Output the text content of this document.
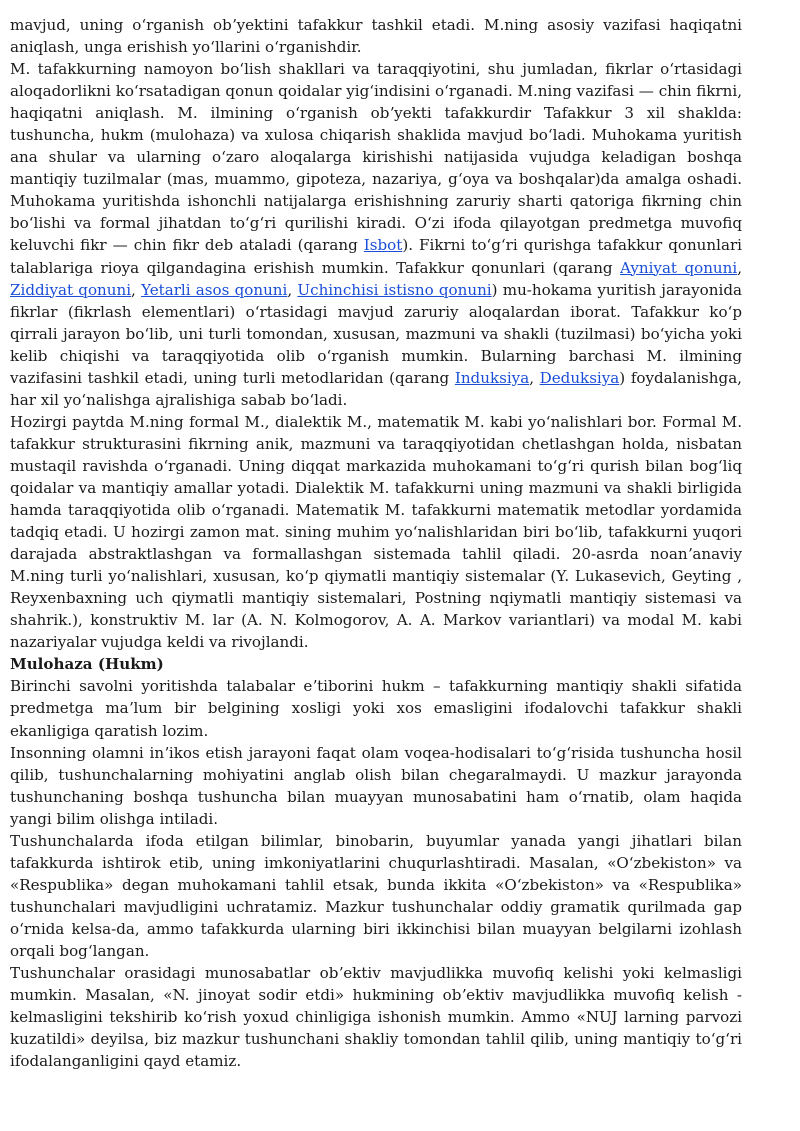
mavjud, uning oʻrganish obʼyektini tafakkur tashkil etadi. M.ning asosiy vazifasi haqiqatni aniqlash, unga erishish yoʻllarini oʻrganishdir.

M. tafakkurning namoyon boʻlish shakllari va taraqqiyotini, shu jumladan, fikrlar oʻrtasidagi aloqadorlikni koʻrsatadigan qonun qoidalar yigʻindisini oʻrganadi. M.ning vazifasi — chin fikrni, haqiqatni aniqlash. M. ilmining oʻrganish obʼyekti tafakkurdir Tafakkur 3 xil shaklda: tushuncha, hukm (mulohaza) va xulosa chiqarish shaklida mavjud boʻladi. Muhokama yuritish ana shular va ularning oʻzaro aloqalarga kirishishi natijasida vujudga keladigan boshqa mantiqiy tuzilmalar (mas, muammo, gipoteza, nazariya, gʻoya va boshqalar)da amalga oshadi. Muhokama yuritishda ishonchli natijalarga erishishning zaruriy sharti qatoriga fikrning chin boʻlishi va formal jihatdan toʻgʻri qurilishi kiradi. Oʻzi ifoda qilayotgan predmetga muvofiq keluvchi fikr — chin fikr deb ataladi (qarang Isbot). Fikrni toʻgʻri qurishga tafakkur qonunlari talablariga rioya qilgandagina erishish mumkin. Tafakkur qonunlari (qarang Ayniyat qonuni, Ziddiyat qonuni, Yetarli asos qonuni, Uchinchisi istisno qonuni) mu-hokama yuritish jarayonida fikrlar (fikrlash elementlari) oʻrtasidagi mavjud zaruriy aloqalardan iborat. Tafakkur koʻp qirrali jarayon boʻlib, uni turli tomondan, xususan, mazmuni va shakli (tuzilmasi) boʻyicha yoki kelib chiqishi va taraqqiyotida olib oʻrganish mumkin. Bularning barchasi M. ilmining vazifasini tashkil etadi, uning turli metodlaridan (qarang Induksiya, Deduksiya) foydalanishga, har xil yoʻnalishga ajralishiga sabab boʻladi.

Hozirgi paytda M.ning formal M., dialektik M., matematik M. kabi yoʻnalishlari bor. Formal M. tafakkur strukturasini fikrning anik, mazmuni va taraqqiyotidan chetlashgan holda, nisbatan mustaqil ravishda oʻrganadi. Uning diqqat markazida muhokamani toʻgʻri qurish bilan bogʻliq qoidalar va mantiqiy amallar yotadi. Dialektik M. tafakkurni uning mazmuni va shakli birligida hamda taraqqiyotida olib oʻrganadi. Matematik M. tafakkurni matematik metodlar yordamida tadqiq etadi. U hozirgi zamon mat. sining muhim yoʻnalishlaridan biri boʻlib, tafakkurni yuqori darajada abstraktlashgan va formallashgan sistemada tahlil qiladi. 20-asrda noanʼanaviy M.ning turli yoʻnalishlari, xususan, koʻp qiymatli mantiqiy sistemalar (Y. Lukasevich, Geyting , Reyxenbaxning uch qiymatli mantiqiy sistemalari, Postning nqiymatli mantiqiy sistemasi va shahrik.), konstruktiv M. lar (A. N. Kolmogorov, A. A. Markov variantlari) va modal M. kabi nazariyalar vujudga keldi va rivojlandi.

Mulohaza (Hukm)

Birinchi savolni yoritishda talabalar eʼtiborini hukm – tafakkurning mantiqiy shakli sifatida predmetga maʼlum bir belgining xosligi yoki xos emasligini ifodalovchi tafakkur shakli ekanligiga qaratish lozim.

Insonning olamni inʼikos etish jarayoni faqat olam voqea-hodisalari toʻgʻrisida tushuncha hosil qilib, tushunchalarning mohiyatini anglab olish bilan chegaralmaydi. U mazkur jarayonda tushunchaning boshqa tushuncha bilan muayyan munosabatini ham oʻrnatib, olam haqida yangi bilim olishga intiladi.

Tushunchalarda ifoda etilgan bilimlar, binobarin, buyumlar yanada yangi jihatlari bilan tafakkurda ishtirok etib, uning imkoniyatlarini chuqurlashtiradi. Masalan, «Oʻzbekiston» va «Respublika» degan muhokamani tahlil etsak, bunda ikkita «Oʻzbekiston» va «Respublika» tushunchalari mavjudligini uchratamiz. Mazkur tushunchalar oddiy gramatik qurilmada gap oʻrnida kelsa-da, ammo tafakkurda ularning biri ikkinchisi bilan muayyan belgilarni izohlash orqali bogʻlangan.

Tushunchalar orasidagi munosabatlar obʼektiv mavjudlikka muvofiq kelishi yoki kelmasligi mumkin. Masalan, «N. jinoyat sodir etdi» hukmining obʼektiv mavjudlikka muvofiq kelish - kelmasligini tekshirib koʻrish yoxud chinligiga ishonish mumkin. Ammo «NUJ larning parvozi kuzatildi» deyilsa, biz mazkur tushunchani shakliy tomondan tahlil qilib, uning mantiqiy toʻgʻri ifodalanganligini qayd etamiz.
